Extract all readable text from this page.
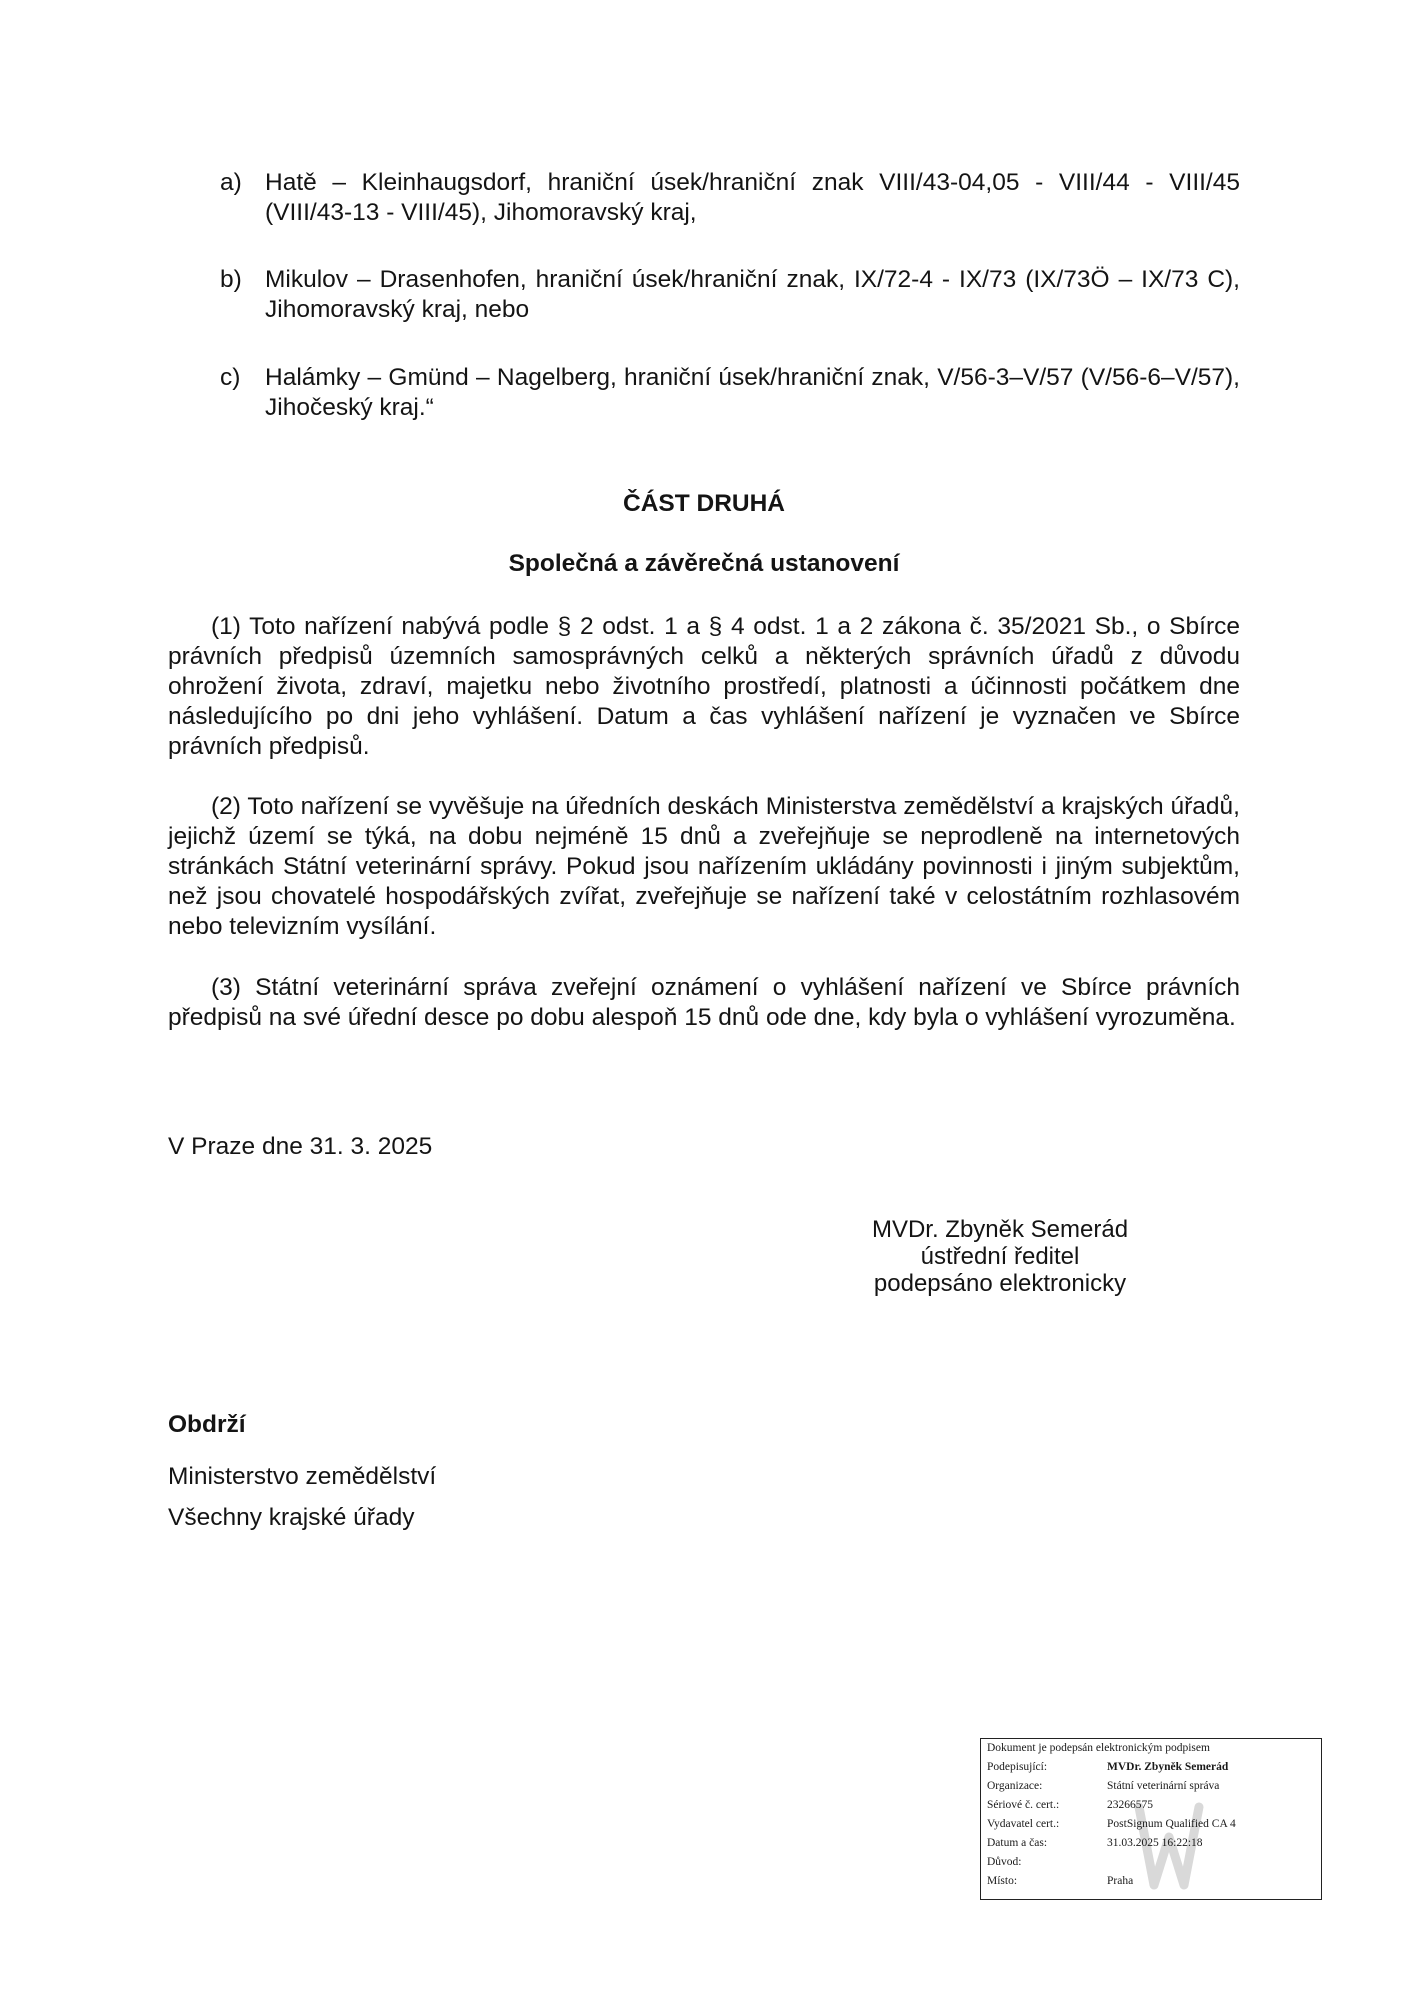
a) Hatě – Kleinhaugsdorf, hraniční úsek/hraniční znak VIII/43-04,05 - VIII/44 - VIII/45 (VIII/43-13 - VIII/45), Jihomoravský kraj,
b) Mikulov – Drasenhofen, hraniční úsek/hraniční znak, IX/72-4 - IX/73 (IX/73Ö – IX/73 C), Jihomoravský kraj, nebo
c) Halámky – Gmünd – Nagelberg, hraniční úsek/hraniční znak, V/56-3–V/57 (V/56-6–V/57), Jihočeský kraj.“
ČÁST DRUHÁ
Společná a závěrečná ustanovení
(1) Toto nařízení nabývá podle § 2 odst. 1 a § 4 odst. 1 a 2 zákona č. 35/2021 Sb., o Sbírce právních předpisů územních samosprávných celků a některých správních úřadů z důvodu ohrožení života, zdraví, majetku nebo životního prostředí, platnosti a účinnosti počátkem dne následujícího po dni jeho vyhlášení. Datum a čas vyhlášení nařízení je vyznačen ve Sbírce právních předpisů.
(2) Toto nařízení se vyvěšuje na úředních deskách Ministerstva zemědělství a krajských úřadů, jejichž území se týká, na dobu nejméně 15 dnů a zveřejňuje se neprodleně na internetových stránkách Státní veterinární správy. Pokud jsou nařízením ukládány povinnosti i jiným subjektům, než jsou chovatelé hospodářských zvířat, zveřejňuje se nařízení také v celostátním rozhlasovém nebo televizním vysílání.
(3) Státní veterinární správa zveřejní oznámení o vyhlášení nařízení ve Sbírce právních předpisů na své úřední desce po dobu alespoň 15 dnů ode dne, kdy byla o vyhlášení vyrozuměna.
V Praze dne 31. 3. 2025
MVDr. Zbyněk Semerád
ústřední ředitel
podepsáno elektronicky
Obdrží
Ministerstvo zemědělství
Všechny krajské úřady
Dokument je podepsán elektronickým podpisem
Podepisující:	MVDr. Zbyněk Semerád
Organizace:	Státní veterinární správa
Sériové č. cert.:	23266575
Vydavatel cert.:	PostSignum Qualified CA 4
Datum a čas:	31.03.2025 16:22:18
Důvod:
Místo:	Praha
